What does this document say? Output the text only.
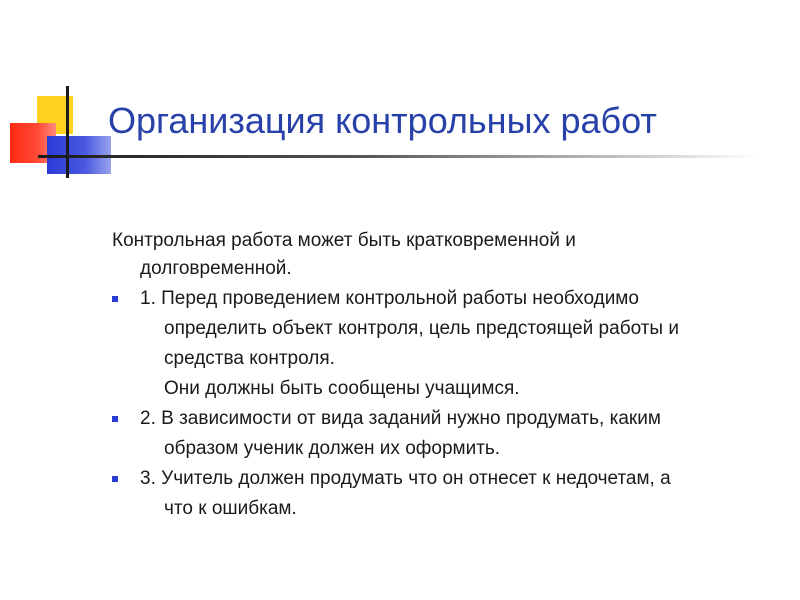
Организация контрольных работ
Контрольная работа может быть кратковременной и
долговременной.
1. Перед проведением контрольной работы необходимо
определить объект контроля, цель предстоящей работы и
средства контроля.
Они должны быть сообщены учащимся.
2. В зависимости от вида заданий нужно продумать, каким
образом ученик должен их оформить.
3. Учитель должен продумать что он отнесет к недочетам, а
что к ошибкам.
